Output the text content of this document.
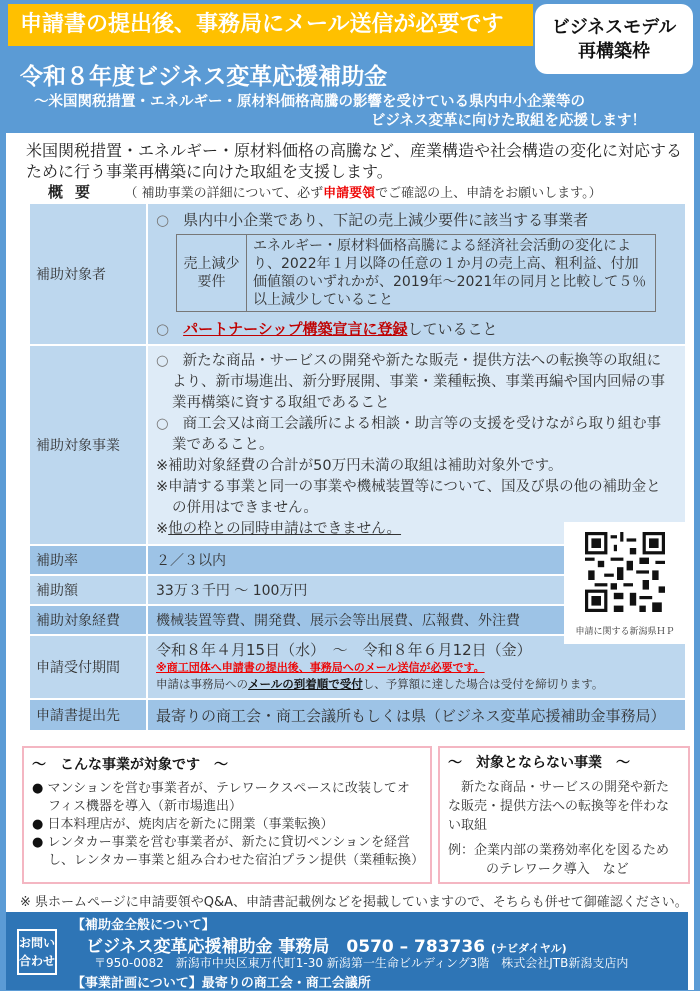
申請書の提出後、事務局にメール送信が必要です	ビジネスモデル
再構築枠
令和８年度ビジネス変革応援補助金
～米国関税措置・エネルギー・原材料価格高騰の影響を受けている県内中小企業等の
ビジネス変革に向けた取組を応援します！
米国関税措置・エネルギー・原材料価格の高騰など、産業構造や社会構造の変化に対応するために行う事業再構築に向けた取組を支援します。
概要 （ 補助事業の詳細について、必ず申請要領でご確認の上、申請をお願いします。）
補助対象者	
○ 県内中小企業であり、下記の売上減少要件に該当する事業者
売上減少要件	エネルギー・原材料価格高騰による経済社会活動の変化により、2022年１月以降の任意の１か月の売上高、粗利益、付加価値額のいずれかが、2019年～2021年の同月と比較して５％以上減少していること
○ パートナーシップ構築宣言に登録していること

補助対象事業	
○ 新たな商品・サービスの開発や新たな販売・提供方法への転換等の取組により、新市場進出、新分野展開、事業・業種転換、事業再編や国内回帰の事業再構築に資する取組であること
○ 商工会又は商工会議所による相談・助言等の支援を受けながら取り組む事業であること。
※補助対象経費の合計が50万円未満の取組は補助対象外です。
※申請する事業と同一の事業や機械装置等について、国及び県の他の補助金との併用はできません。
※他の枠との同時申請はできません。

補助率	２／３以内
補助額	33万３千円 ～ 100万円
補助対象経費	機械装置等費、開発費、展示会等出展費、広報費、外注費
申請受付期間	
令和８年４月15日（水）　～　令和８年６月12日（金）
※商工団体へ申請書の提出後、事務局へのメール送信が必要です。
申請は事務局へのメールの到着順で受付し、予算額に達した場合は受付を締切ります。

申請書提出先	最寄りの商工会・商工会議所もしくは県（ビジネス変革応援補助金事務局）
申請に関する新潟県ＨＰ
～　こんな事業が対象です　～
● マンションを営む事業者が、テレワークスペースに改装してオフィス機器を導入（新市場進出）
● 日本料理店が、焼肉店を新たに開業（事業転換）
● レンタカー事業を営む事業者が、新たに貸切ペンションを経営し、レンタカー事業と組み合わせた宿泊プラン提供（業種転換）
～　対象とならない事業　～

　新たな商品・サービスの開発や新たな販売・提供方法への転換等を伴わない取組

例：企業内部の業務効率化を図るためのテレワーク導入　など

※ 県ホームページに申請要領やQ&A、申請書記載例などを掲載していますので、そちらも併せて御確認ください。
お問い合わせ
【補助金全般について】
ビジネス変革応援補助金 事務局　0570 – 783736 (ナビダイヤル)
〒950-0082　新潟市中央区東万代町1-30 新潟第一生命ビルディング3階　株式会社JTB新潟支店内
【事業計画について】最寄りの商工会・商工会議所
